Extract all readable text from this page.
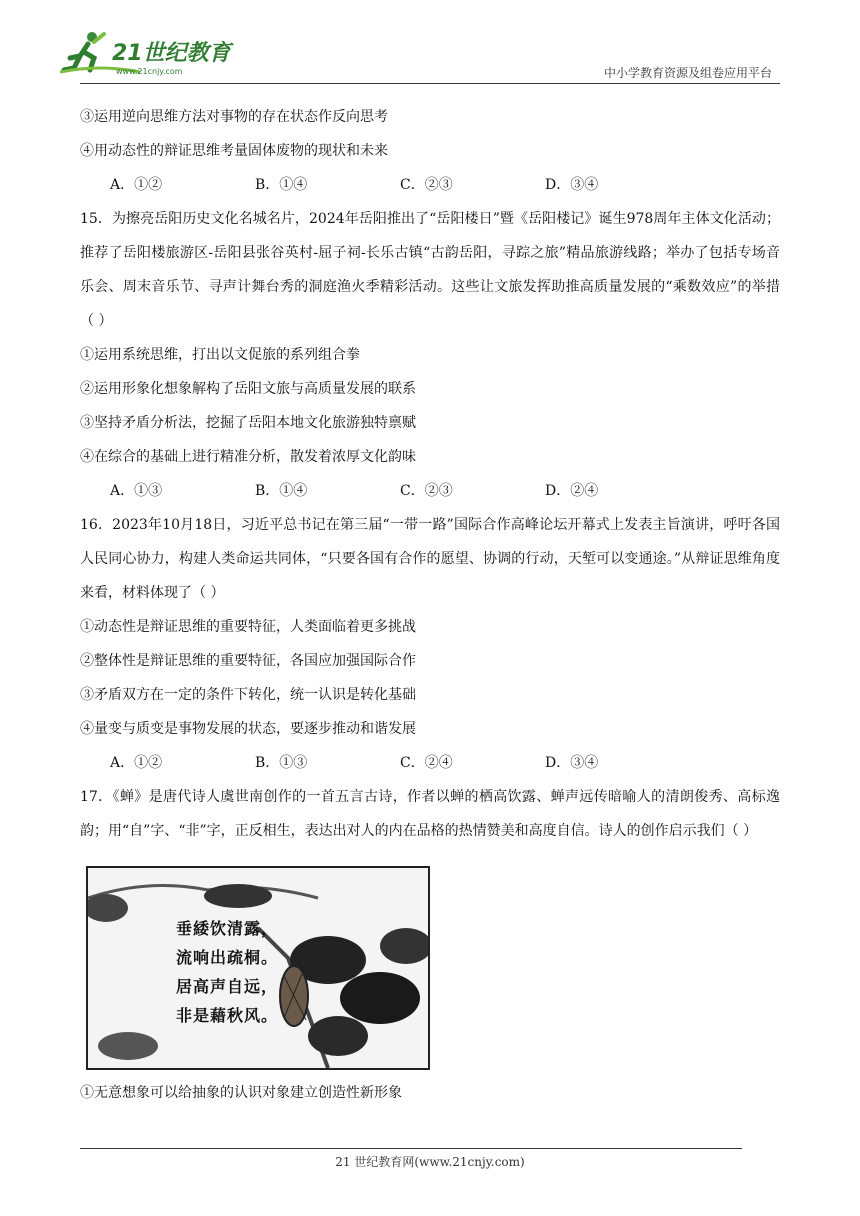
21世纪教育
www.21cnjy.com	中小学教育资源及组卷应用平台
③运用逆向思维方法对事物的存在状态作反向思考
④用动态性的辩证思维考量固体废物的现状和未来
A．①②	B．①④	C．②③	D．③④
15．为擦亮岳阳历史文化名城名片，2024年岳阳推出了“岳阳楼日”暨《岳阳楼记》诞生978周年主体文化活动；推荐了岳阳楼旅游区-岳阳县张谷英村-屈子祠-长乐古镇“古韵岳阳，寻踪之旅”精品旅游线路；举办了包括专场音乐会、周末音乐节、寻声计舞台秀的洞庭渔火季精彩活动。这些让文旅发挥助推高质量发展的“乘数效应”的举措（ ）
①运用系统思维，打出以文促旅的系列组合拳
②运用形象化想象解构了岳阳文旅与高质量发展的联系
③坚持矛盾分析法，挖掘了岳阳本地文化旅游独特禀赋
④在综合的基础上进行精准分析，散发着浓厚文化韵味
A．①③	B．①④	C．②③	D．②④
16．2023年10月18日，习近平总书记在第三届“一带一路”国际合作高峰论坛开幕式上发表主旨演讲，呼吁各国人民同心协力，构建人类命运共同体，“只要各国有合作的愿望、协调的行动，天堑可以变通途。”从辩证思维角度来看，材料体现了（ ）
①动态性是辩证思维的重要特征，人类面临着更多挑战
②整体性是辩证思维的重要特征，各国应加强国际合作
③矛盾双方在一定的条件下转化，统一认识是转化基础
④量变与质变是事物发展的状态，要逐步推动和谐发展
A．①②	B．①③	C．②④	D．③④
17．《蝉》是唐代诗人虞世南创作的一首五言古诗，作者以蝉的栖高饮露、蝉声远传暗喻人的清朗俊秀、高标逸韵；用“自”字、“非”字，正反相生，表达出对人的内在品格的热情赞美和高度自信。诗人的创作启示我们（ ）
垂緌饮清露，
流响出疏桐。
居高声自远，
非是藉秋风。
①无意想象可以给抽象的认识对象建立创造性新形象
21 世纪教育网(www.21cnjy.com)
